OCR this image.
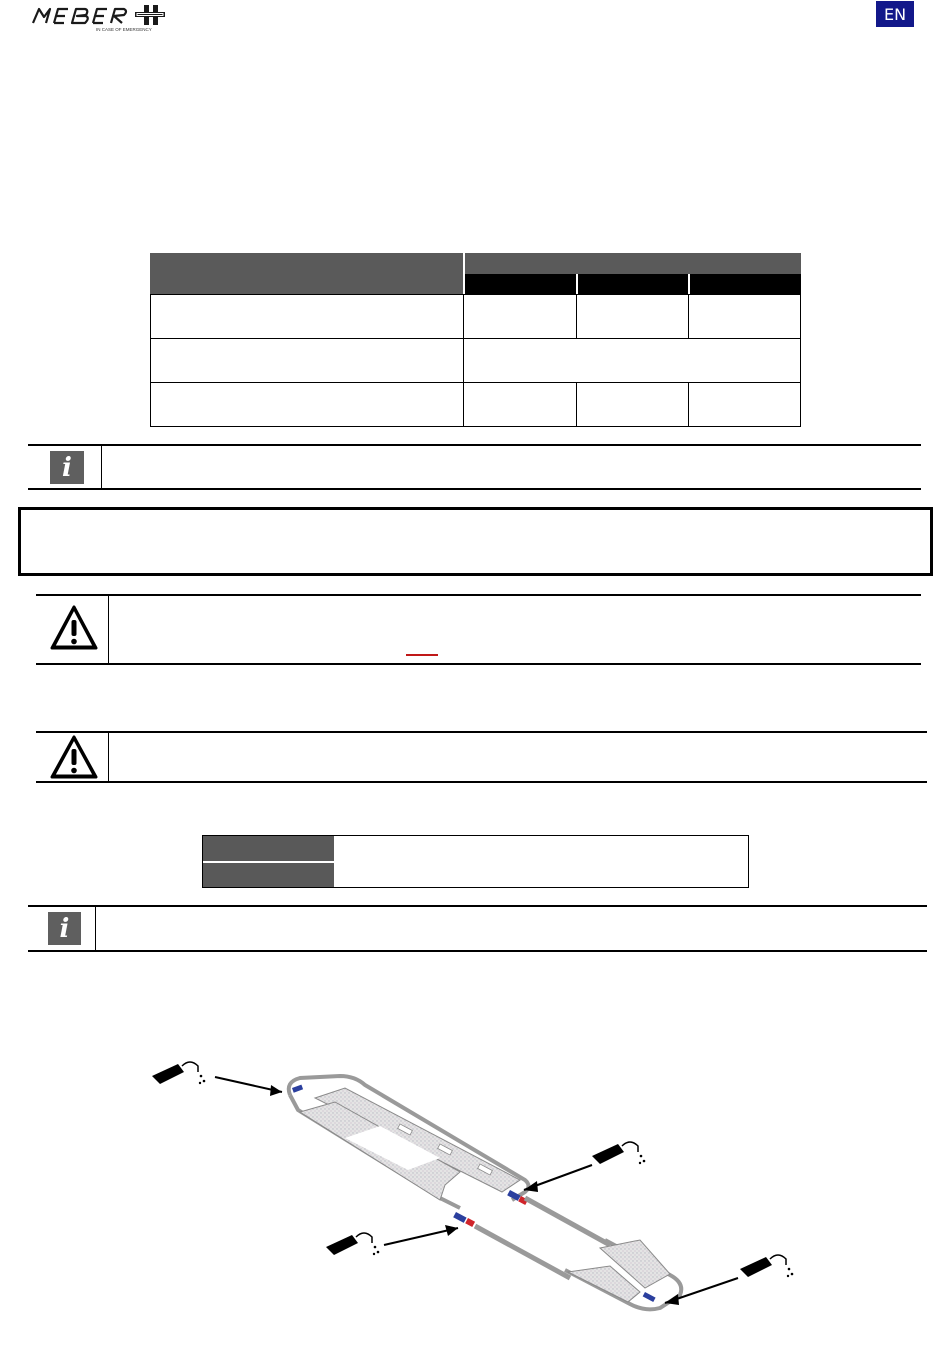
IN CASE OF EMERGENCY
EN
i
i
